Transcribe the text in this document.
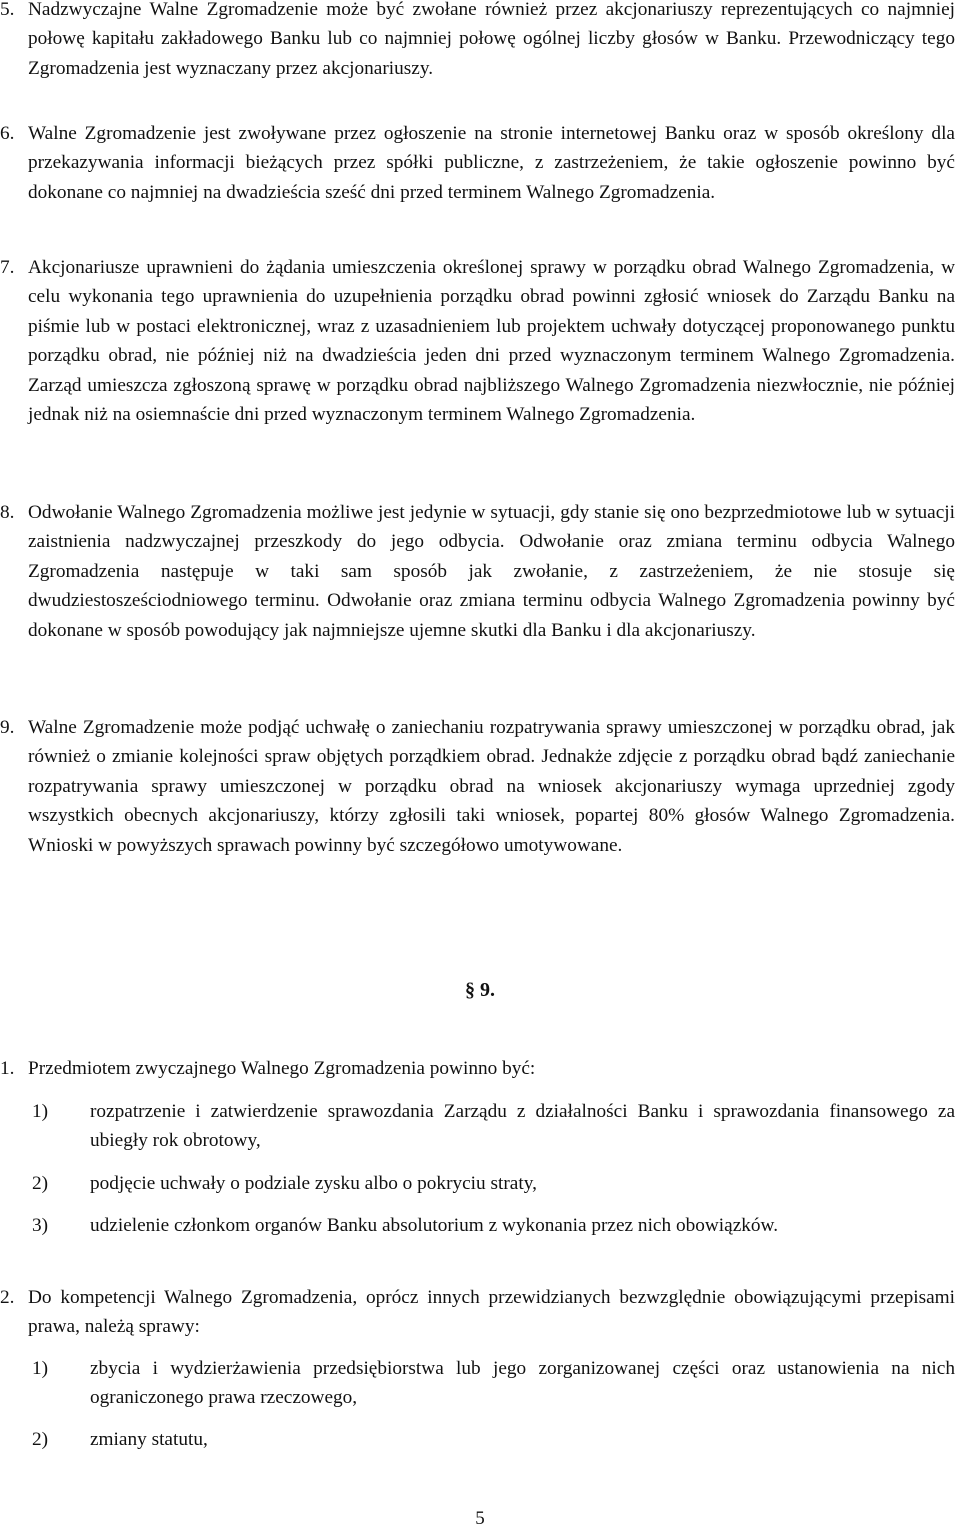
5. Nadzwyczajne Walne Zgromadzenie może być zwołane również przez akcjonariuszy reprezentujących co najmniej połowę kapitału zakładowego Banku lub co najmniej połowę ogólnej liczby głosów w Banku. Przewodniczący tego Zgromadzenia jest wyznaczany przez akcjonariuszy.

6. Walne Zgromadzenie jest zwoływane przez ogłoszenie na stronie internetowej Banku oraz w sposób określony dla przekazywania informacji bieżących przez spółki publiczne, z zastrzeżeniem, że takie ogłoszenie powinno być dokonane co najmniej na dwadzieścia sześć dni przed terminem Walnego Zgromadzenia.

7. Akcjonariusze uprawnieni do żądania umieszczenia określonej sprawy w porządku obrad Walnego Zgromadzenia, w celu wykonania tego uprawnienia do uzupełnienia porządku obrad powinni zgłosić wniosek do Zarządu Banku na piśmie lub w postaci elektronicznej, wraz z uzasadnieniem lub projektem uchwały dotyczącej proponowanego punktu porządku obrad, nie później niż na dwadzieścia jeden dni przed wyznaczonym terminem Walnego Zgromadzenia. Zarząd umieszcza zgłoszoną sprawę w porządku obrad najbliższego Walnego Zgromadzenia niezwłocznie, nie później jednak niż na osiemnaście dni przed wyznaczonym terminem Walnego Zgromadzenia.

8. Odwołanie Walnego Zgromadzenia możliwe jest jedynie w sytuacji, gdy stanie się ono bezprzedmiotowe lub w sytuacji zaistnienia nadzwyczajnej przeszkody do jego odbycia. Odwołanie oraz zmiana terminu odbycia Walnego Zgromadzenia następuje w taki sam sposób jak zwołanie, z zastrzeżeniem, że nie stosuje się dwudziestosześciodniowego terminu. Odwołanie oraz zmiana terminu odbycia Walnego Zgromadzenia powinny być dokonane w sposób powodujący jak najmniejsze ujemne skutki dla Banku i dla akcjonariuszy.

9. Walne Zgromadzenie może podjąć uchwałę o zaniechaniu rozpatrywania sprawy umieszczonej w porządku obrad, jak również o zmianie kolejności spraw objętych porządkiem obrad. Jednakże zdjęcie z porządku obrad bądź zaniechanie rozpatrywania sprawy umieszczonej w porządku obrad na wniosek akcjonariuszy wymaga uprzedniej zgody wszystkich obecnych akcjonariuszy, którzy zgłosili taki wniosek, popartej 80% głosów Walnego Zgromadzenia. Wnioski w powyższych sprawach powinny być szczegółowo umotywowane.

§ 9.

1. Przedmiotem zwyczajnego Walnego Zgromadzenia powinno być:

1) rozpatrzenie i zatwierdzenie sprawozdania Zarządu z działalności Banku i sprawozdania finansowego za ubiegły rok obrotowy,

2) podjęcie uchwały o podziale zysku albo o pokryciu straty,

3) udzielenie członkom organów Banku absolutorium z wykonania przez nich obowiązków.

2. Do kompetencji Walnego Zgromadzenia, oprócz innych przewidzianych bezwzględnie obowiązującymi przepisami prawa, należą sprawy:

1) zbycia i wydzierżawienia przedsiębiorstwa lub jego zorganizowanej części oraz ustanowienia na nich ograniczonego prawa rzeczowego,

2) zmiany statutu,

5
